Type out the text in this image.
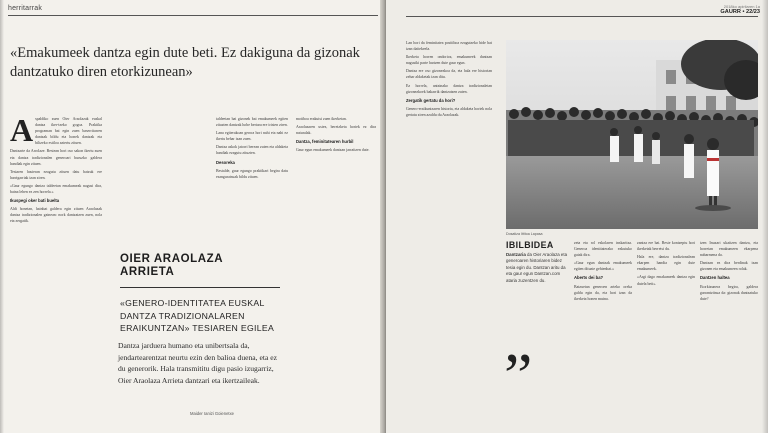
herritarrak
«Emakumeek dantza egin dute beti. Ez dakiguna da gizonak dantzatuko diren etorkizunean»
A spaldiko zuen Oier Araolazak euskal dantza iker-tzeko gogoa. Praktika programan bat egin zuen baserritarren dantzak bildu eta honek dantzak eta biltzeko estiloa aztertu zituen.

Dantzarte da Arrolaze. Bestean hori oso sakon ikertu zuen eta dantza tradizionalen generoari buruzko galdera handiak egin zituen.

Tesiaren hasieran ezagutu zituen datu batzuk ere harrigarriak izan ziren.

«Gaur egungo dantza taldeetan emakumeak nagusi dira, baina lehen ez zen horrela.»

Ikuspegi oker bati buelta

Aldi honetan, hainbat galdera egin zituen Araolazak dantza tradizionalen gainean: nork dantzatzen zuen, nola eta zergatik.

taldeetan bai gizonek bai emakumeek egiten zituzten dantzak hobe bertara ere iristen ziren.

Lana egiterakoan gerora hori nahi eta nahi ez ikertu behar izan zuen.

Dantza askok jatorri berean zuten eta aldaketa handiak ezagutu zituzten.

Desoreka

Bestalde, gaur egungo praktikari begira datu esanguratsuak bildu zituen.

motiboa erakutsi zuen ikerketan.

Araolazaren ustez, bereizketa horiek ez dira naturalak.

Dantza, feminitatearen hurbil

Gaur egun emakumeek dantzan jarraitzen dute.

OIER ARAOLAZA ARRIETA
«GENERO-IDENTITATEA EUSKAL DANTZA TRADIZIONALAREN ERAIKUNTZAN» TESIAREN EGILEA

Dantza jarduera humano eta unibertsala da, jendartearentzat neurtu ezin den balioa duena, eta ez du generorik. Hala transmititu digu pasio izugarriz, Oier Araolaza Arrieta dantzari eta ikertzaileak.

Maider Ianizi Goienetxe
2018ko apirilaren 1a
GAURR • 22/23

Lan hori da feminitatea positiboa ezagutzeko bide bat izan daitekeela.

Ikerketa horren ondorioz, emakumeek dantzan nagusiki parte hartzen dute gaur egun.

Dantza ere oso gizonezkoa da, eta hala ere historian zehar aldaketak izan ditu.

Ez horrela, antzinako dantza tradizionaletan gizonezkoek bakarrik dantzatzen zuten.

Zergatik gertatu da hori?

Genero-eraikuntzaren historia, eta aldaketa horiek nola gertatu ziren azaldu du Araolazak.

Dosatiza Ittitoa Lapasa
IBILBIDEA
Dantzaria da Oier Araolaza eta generoaren historiaren bidez tesia egin du. Dantzan aritu da eta gaur egun Dantzan.com ataria zuzentzen du.
”

zeta eta rol eskolaren inskaritza. Generoa identitaterako ezkutuko gaiak dira.

«Gaur egun dantzak emakumeek egiten dituzte gehienbat.»

Aberts dei ba?

Batzuetan generoen arteko oreka galdu egin da, eta hori izan da ikerketa honen muina.

zantza ere bai. Beste kontzeptu hori ikerketak berretsi du.

Hala ere, dantza tradizionalean ekarpen handia egin dute emakumeek.

«Argi dago emakumeek dantza egin dutela beti».

tzen Inuxari ukaitzen dantza, eta horretan emakumeen ekarpena nabarmena da.

Dantzan ez dira berdinak izan gizonen eta emakumeen rolak.

Dantzen haltea

Etorkizunera begira, galdera garrantzitsua da: gizonak dantzatuko dute?
